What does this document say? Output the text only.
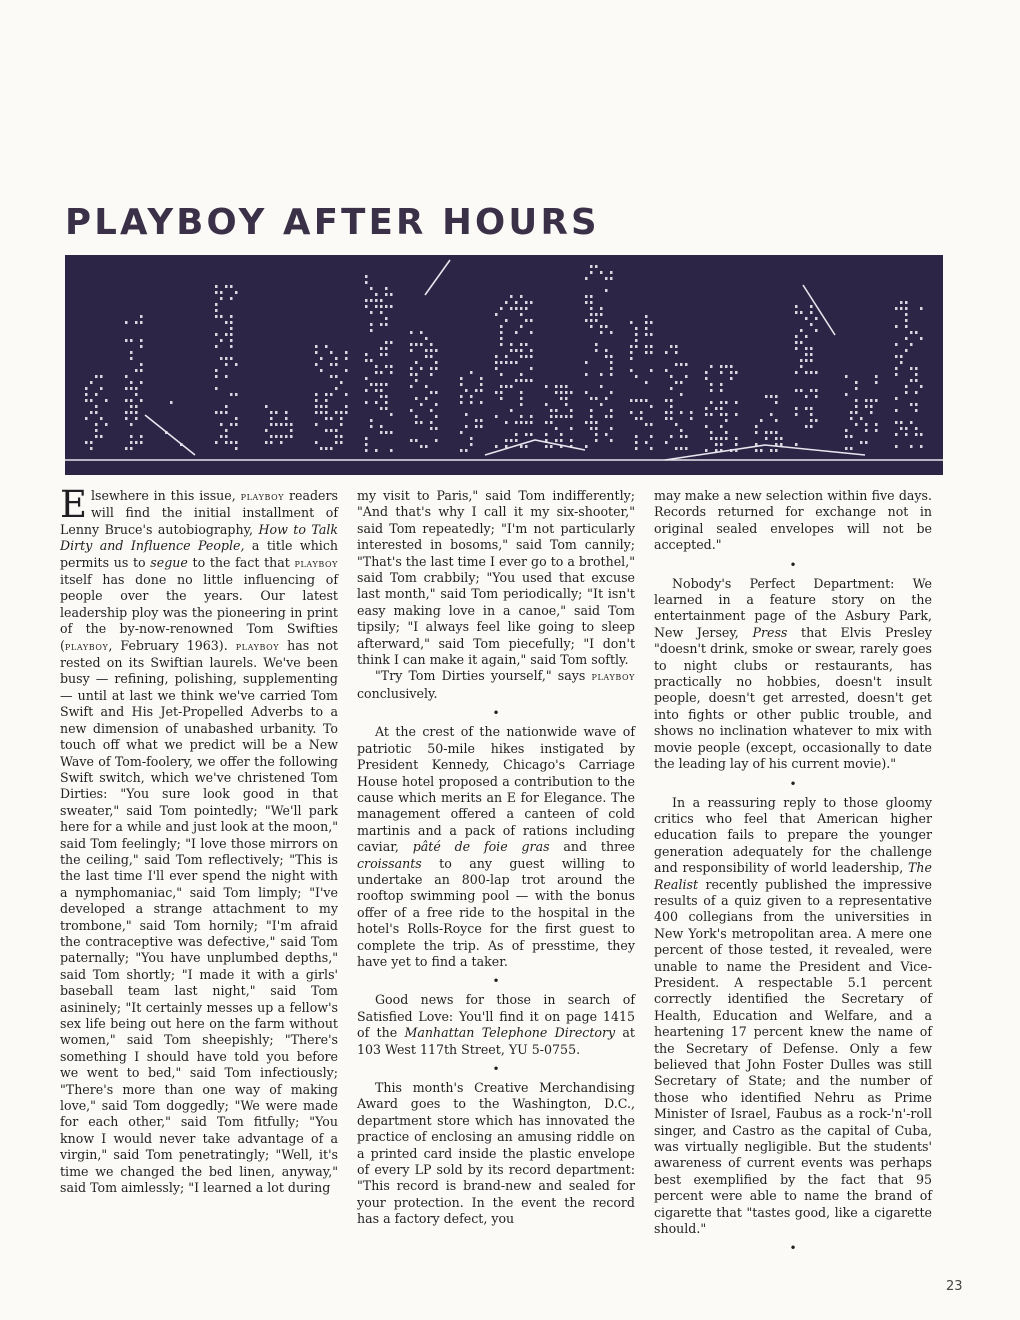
PLAYBOY AFTER HOURS

Elsewhere in this issue, playboy readers will find the initial installment of Lenny Bruce's autobiography, How to Talk Dirty and Influence People, a title which permits us to segue to the fact that playboy itself has done no little influencing of people over the years. Our latest leadership ploy was the pioneering in print of the by-now-renowned Tom Swifties (playboy, February 1963). playboy has not rested on its Swiftian laurels. We've been busy — refining, polishing, supplementing — until at last we think we've carried Tom Swift and His Jet-Propelled Adverbs to a new dimension of unabashed urbanity. To touch off what we predict will be a New Wave of Tom-foolery, we offer the following Swift switch, which we've christened Tom Dirties: "You sure look good in that sweater," said Tom pointedly; "We'll park here for a while and just look at the moon," said Tom feelingly; "I love those mirrors on the ceiling," said Tom reflectively; "This is the last time I'll ever spend the night with a nymphomaniac," said Tom limply; "I've developed a strange attachment to my trombone," said Tom hornily; "I'm afraid the contraceptive was defective," said Tom paternally; "You have unplumbed depths," said Tom shortly; "I made it with a girls' baseball team last night," said Tom asininely; "It certainly messes up a fellow's sex life being out here on the farm without women," said Tom sheepishly; "There's something I should have told you before we went to bed," said Tom infectiously; "There's more than one way of making love," said Tom doggedly; "We were made for each other," said Tom fitfully; "You know I would never take advantage of a virgin," said Tom penetratingly; "Well, it's time we changed the bed linen, anyway," said Tom aimlessly; "I learned a lot during

my visit to Paris," said Tom indifferently; "And that's why I call it my six-shooter," said Tom repeatedly; "I'm not particularly interested in bosoms," said Tom cannily; "That's the last time I ever go to a brothel," said Tom crabbily; "You used that excuse last month," said Tom periodically; "It isn't easy making love in a canoe," said Tom tipsily; "I always feel like going to sleep afterward," said Tom piecefully; "I don't think I can make it again," said Tom softly.

"Try Tom Dirties yourself," says playboy conclusively.

•

At the crest of the nationwide wave of patriotic 50-mile hikes instigated by President Kennedy, Chicago's Carriage House hotel proposed a contribution to the cause which merits an E for Elegance. The management offered a canteen of cold martinis and a pack of rations including caviar, pâté de foie gras and three croissants to any guest willing to undertake an 800-lap trot around the rooftop swimming pool — with the bonus offer of a free ride to the hospital in the hotel's Rolls-Royce for the first guest to complete the trip. As of presstime, they have yet to find a taker.

•

Good news for those in search of Satisfied Love: You'll find it on page 1415 of the Manhattan Telephone Directory at 103 West 117th Street, YU 5-0755.

•

This month's Creative Merchandising Award goes to the Washington, D.C., department store which has innovated the practice of enclosing an amusing riddle on a printed card inside the plastic envelope of every LP sold by its record department: "This record is brand-new and sealed for your protection. In the event the record has a factory defect, you

may make a new selection within five days. Records returned for exchange not in original sealed envelopes will not be accepted."

•

Nobody's Perfect Department: We learned in a feature story on the entertainment page of the Asbury Park, New Jersey, Press that Elvis Presley "doesn't drink, smoke or swear, rarely goes to night clubs or restaurants, has practically no hobbies, doesn't insult people, doesn't get arrested, doesn't get into fights or other public trouble, and shows no inclination whatever to mix with movie people (except, occasionally to date the leading lay of his current movie)."

•

In a reassuring reply to those gloomy critics who feel that American higher education fails to prepare the younger generation adequately for the challenge and responsibility of world leadership, The Realist recently published the impressive results of a quiz given to a representative 400 collegians from the universities in New York's metropolitan area. A mere one percent of those tested, it revealed, were unable to name the President and Vice-President. A respectable 5.1 percent correctly identified the Secretary of Health, Education and Welfare, and a heartening 17 percent knew the name of the Secretary of Defense. Only a few believed that John Foster Dulles was still Secretary of State; and the number of those who identified Nehru as Prime Minister of Israel, Faubus as a rock-'n'-roll singer, and Castro as the capital of Cuba, was virtually negligible. But the students' awareness of current events was perhaps best exemplified by the fact that 95 percent were able to name the brand of cigarette that "tastes good, like a cigarette should."

•
23
